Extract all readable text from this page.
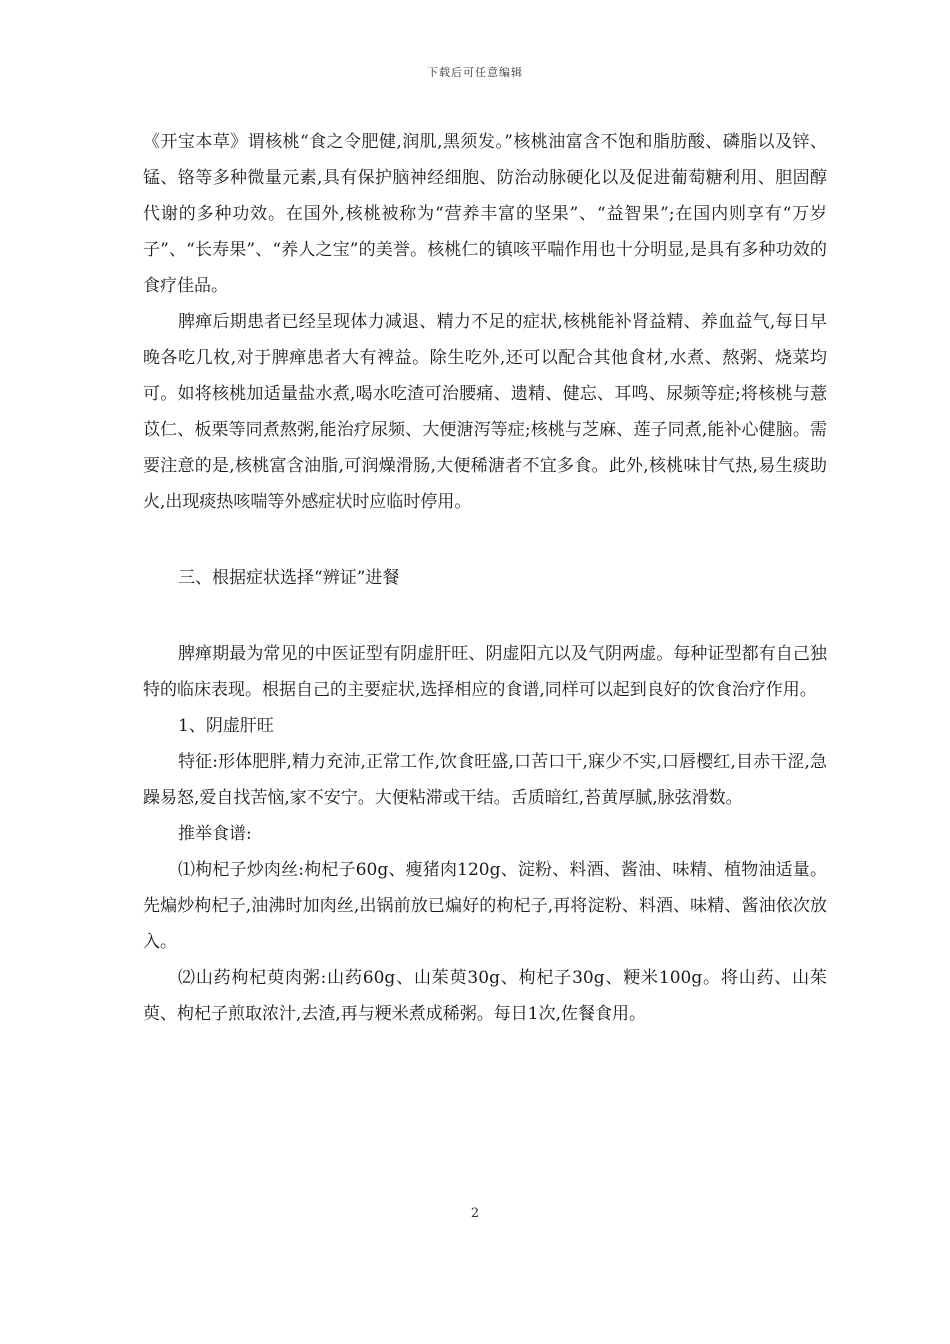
下载后可任意编辑

《开宝本草》谓核桃“食之令肥健,润肌,黑须发。”核桃油富含不饱和脂肪酸、磷脂以及锌、锰、铬等多种微量元素,具有保护脑神经细胞、防治动脉硬化以及促进葡萄糖利用、胆固醇代谢的多种功效。在国外,核桃被称为“营养丰富的坚果”、“益智果”;在国内则享有“万岁子”、“长寿果”、“养人之宝”的美誉。核桃仁的镇咳平喘作用也十分明显,是具有多种功效的食疗佳品。

脾瘅后期患者已经呈现体力减退、精力不足的症状,核桃能补肾益精、养血益气,每日早晚各吃几枚,对于脾瘅患者大有裨益。除生吃外,还可以配合其他食材,水煮、熬粥、烧菜均可。如将核桃加适量盐水煮,喝水吃渣可治腰痛、遗精、健忘、耳鸣、尿频等症;将核桃与薏苡仁、板栗等同煮熬粥,能治疗尿频、大便溏泻等症;核桃与芝麻、莲子同煮,能补心健脑。需要注意的是,核桃富含油脂,可润燥滑肠,大便稀溏者不宜多食。此外,核桃味甘气热,易生痰助火,出现痰热咳喘等外感症状时应临时停用。

三、根据症状选择“辨证”进餐

脾瘅期最为常见的中医证型有阴虚肝旺、阴虚阳亢以及气阴两虚。每种证型都有自己独特的临床表现。根据自己的主要症状,选择相应的食谱,同样可以起到良好的饮食治疗作用。

1、阴虚肝旺

特征:形体肥胖,精力充沛,正常工作,饮食旺盛,口苦口干,寐少不实,口唇樱红,目赤干涩,急躁易怒,爱自找苦恼,家不安宁。大便粘滞或干结。舌质暗红,苔黄厚腻,脉弦滑数。

推举食谱:

⑴枸杞子炒肉丝:枸杞子60g、瘦猪肉120g、淀粉、料酒、酱油、味精、植物油适量。先煸炒枸杞子,油沸时加肉丝,出锅前放已煸好的枸杞子,再将淀粉、料酒、味精、酱油依次放入。

⑵山药枸杞萸肉粥:山药60g、山茱萸30g、枸杞子30g、粳米100g。将山药、山茱萸、枸杞子煎取浓汁,去渣,再与粳米煮成稀粥。每日1次,佐餐食用。

2
